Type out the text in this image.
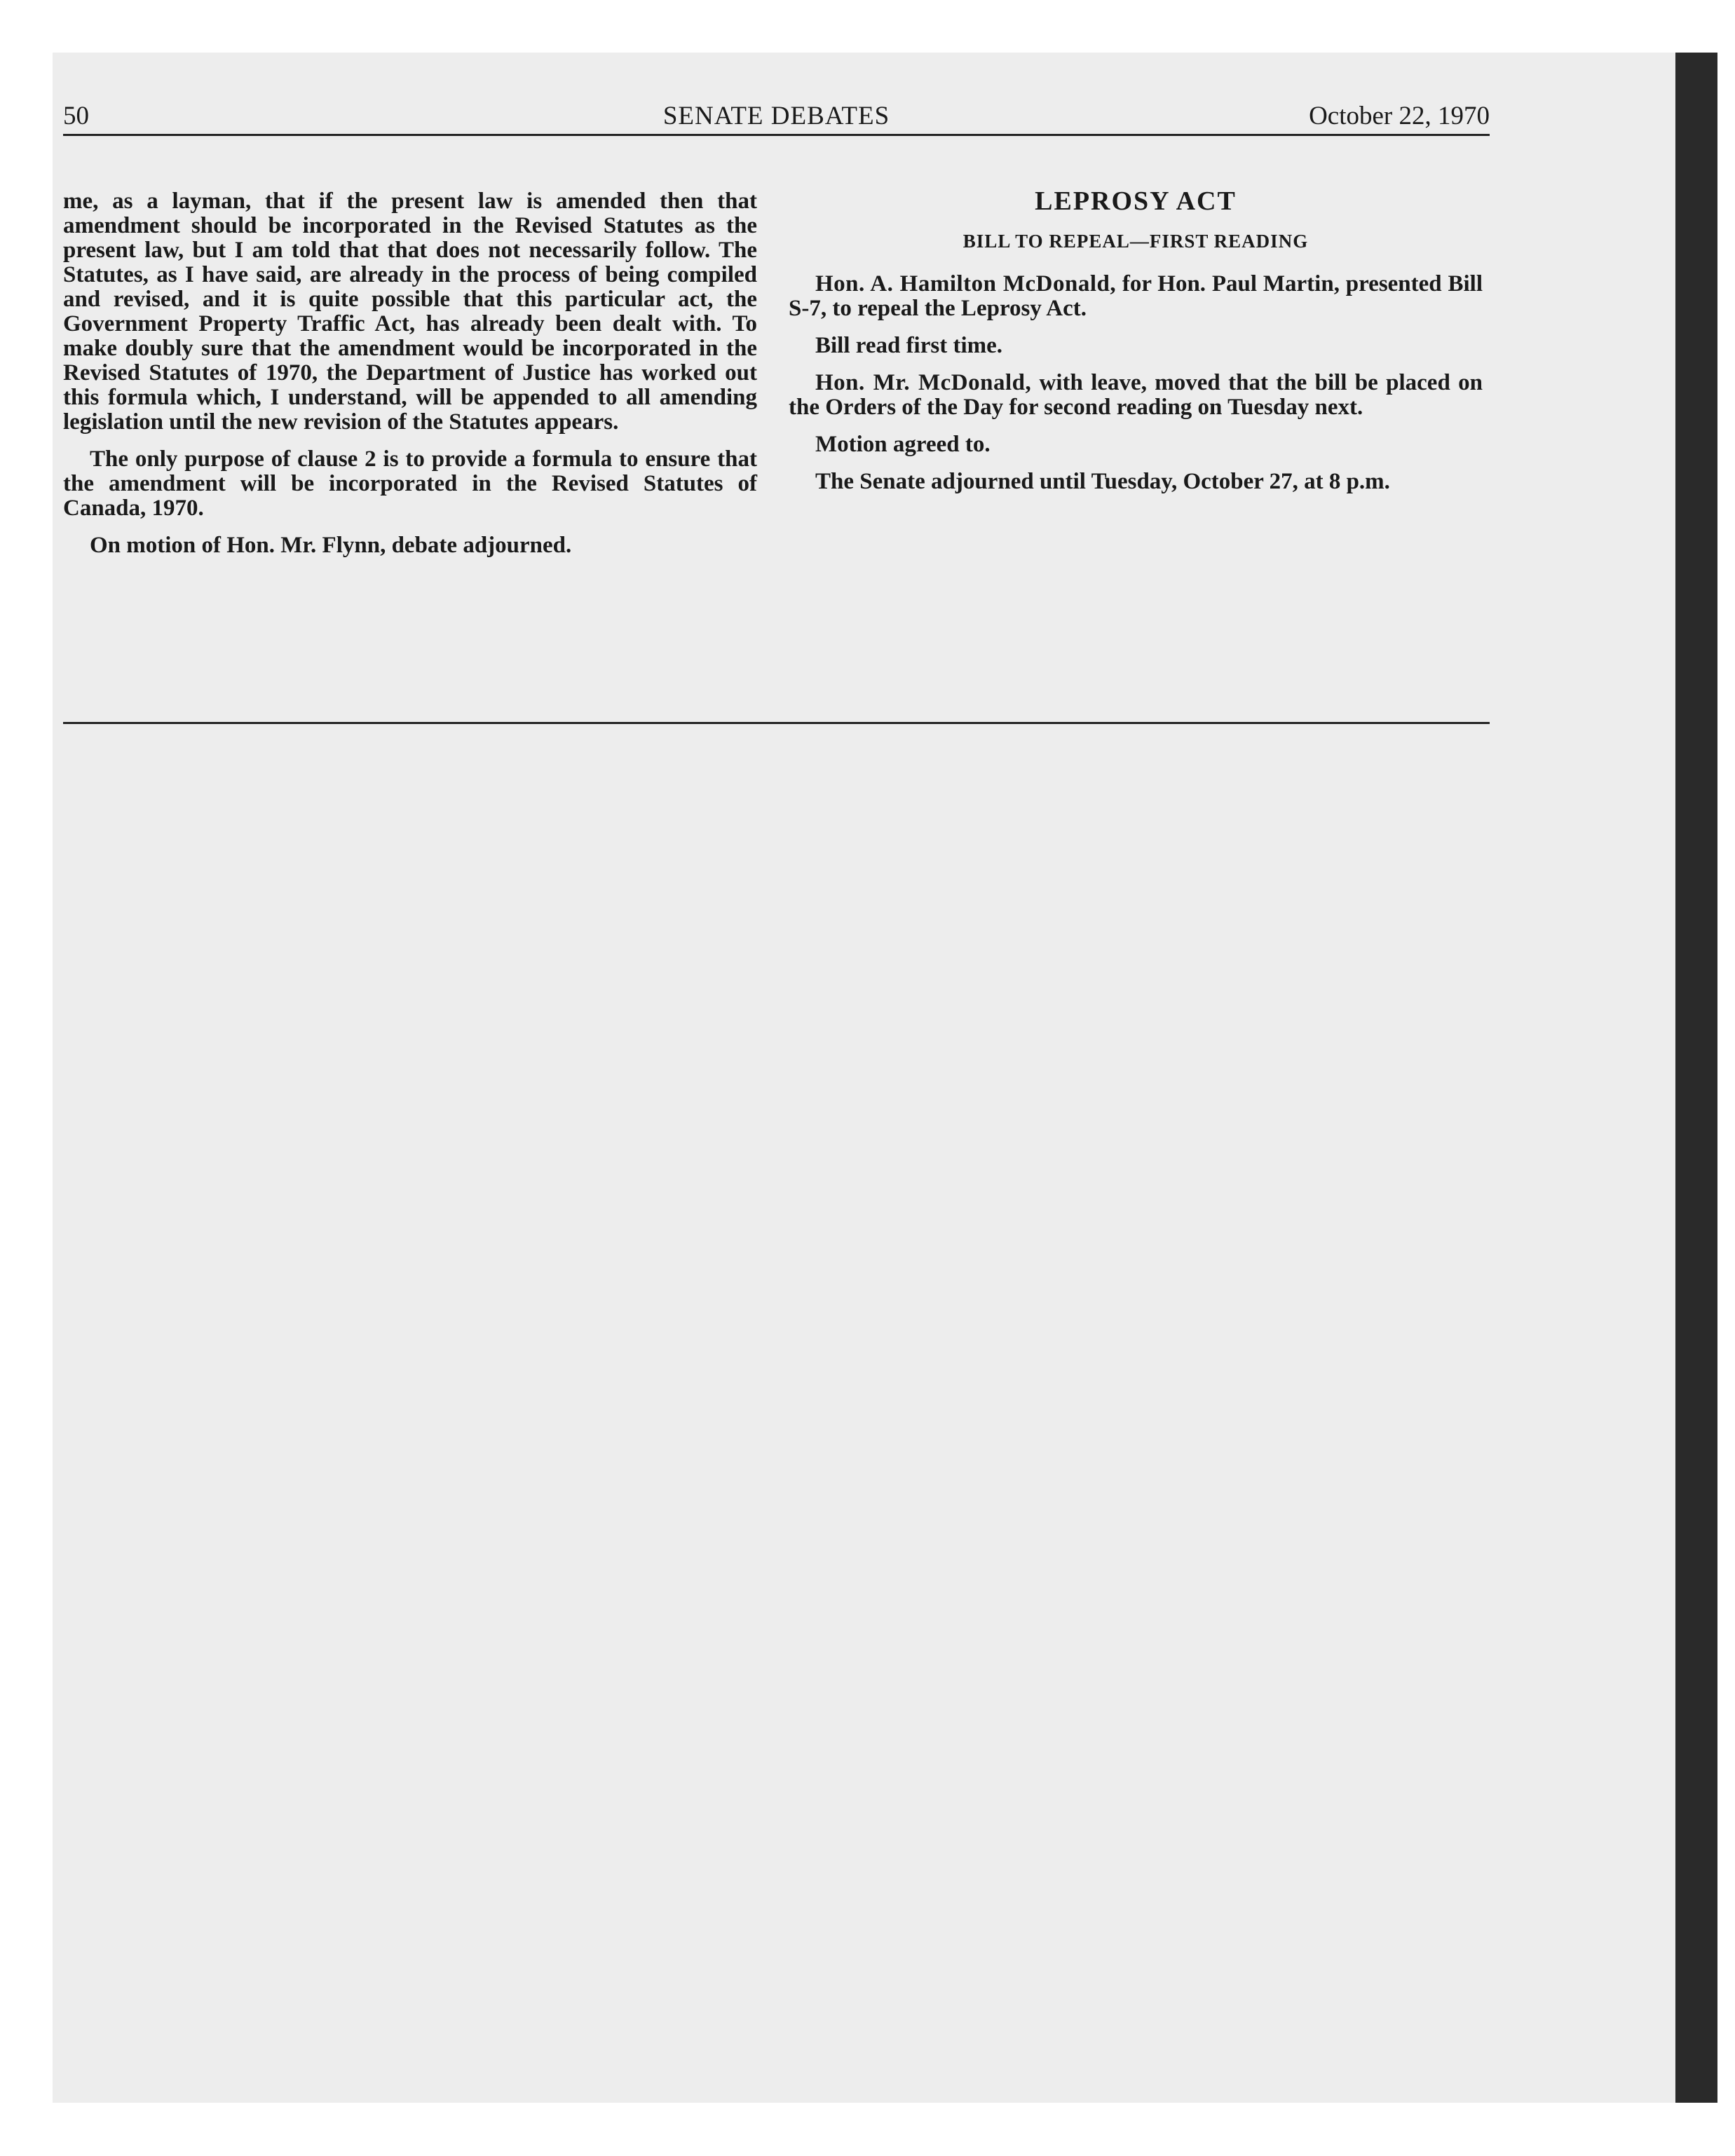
50	SENATE DEBATES	October 22, 1970

me, as a layman, that if the present law is amended then that amendment should be incorporated in the Revised Statutes as the present law, but I am told that that does not necessarily follow. The Statutes, as I have said, are already in the process of being compiled and revised, and it is quite possible that this particular act, the Government Property Traffic Act, has already been dealt with. To make doubly sure that the amendment would be incorporated in the Revised Statutes of 1970, the Department of Justice has worked out this formula which, I understand, will be appended to all amending legislation until the new revision of the Statutes appears.

The only purpose of clause 2 is to provide a formula to ensure that the amendment will be incorporated in the Revised Statutes of Canada, 1970.

On motion of Hon. Mr. Flynn, debate adjourned.

LEPROSY ACT
BILL TO REPEAL—FIRST READING

Hon. A. Hamilton McDonald, for Hon. Paul Martin, presented Bill S-7, to repeal the Leprosy Act.

Bill read first time.

Hon. Mr. McDonald, with leave, moved that the bill be placed on the Orders of the Day for second reading on Tuesday next.

Motion agreed to.

The Senate adjourned until Tuesday, October 27, at 8 p.m.
